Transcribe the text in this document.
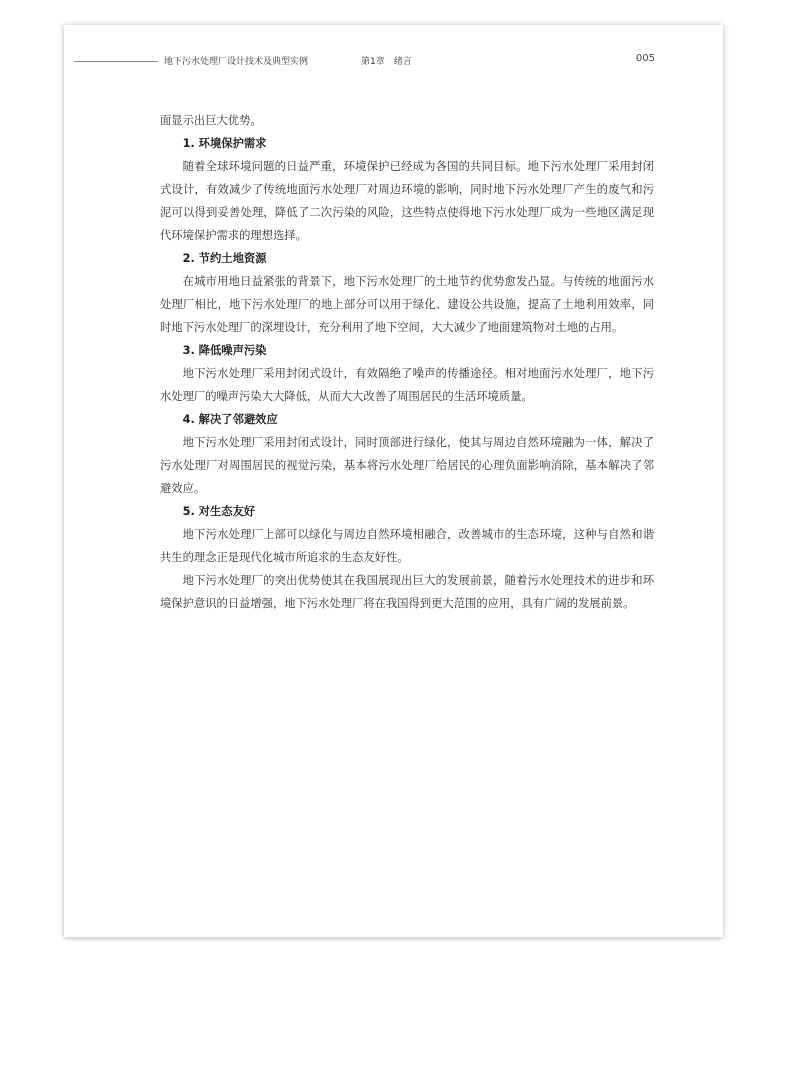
地下污水处理厂设计技术及典型实例	第1章　绪言	005

面显示出巨大优势。

1. 环境保护需求

随着全球环境问题的日益严重，环境保护已经成为各国的共同目标。地下污水处理厂采用封闭式设计，有效减少了传统地面污水处理厂对周边环境的影响，同时地下污水处理厂产生的废气和污泥可以得到妥善处理，降低了二次污染的风险，这些特点使得地下污水处理厂成为一些地区满足现代环境保护需求的理想选择。

2. 节约土地资源

在城市用地日益紧张的背景下，地下污水处理厂的土地节约优势愈发凸显。与传统的地面污水处理厂相比，地下污水处理厂的地上部分可以用于绿化、建设公共设施，提高了土地利用效率，同时地下污水处理厂的深埋设计，充分利用了地下空间，大大减少了地面建筑物对土地的占用。

3. 降低噪声污染

地下污水处理厂采用封闭式设计，有效隔绝了噪声的传播途径。相对地面污水处理厂，地下污水处理厂的噪声污染大大降低，从而大大改善了周围居民的生活环境质量。

4. 解决了邻避效应

地下污水处理厂采用封闭式设计，同时顶部进行绿化，使其与周边自然环境融为一体，解决了污水处理厂对周围居民的视觉污染，基本将污水处理厂给居民的心理负面影响消除，基本解决了邻避效应。

5. 对生态友好

地下污水处理厂上部可以绿化与周边自然环境相融合，改善城市的生态环境，这种与自然和谐共生的理念正是现代化城市所追求的生态友好性。

地下污水处理厂的突出优势使其在我国展现出巨大的发展前景，随着污水处理技术的进步和环境保护意识的日益增强，地下污水处理厂将在我国得到更大范围的应用，具有广阔的发展前景。
